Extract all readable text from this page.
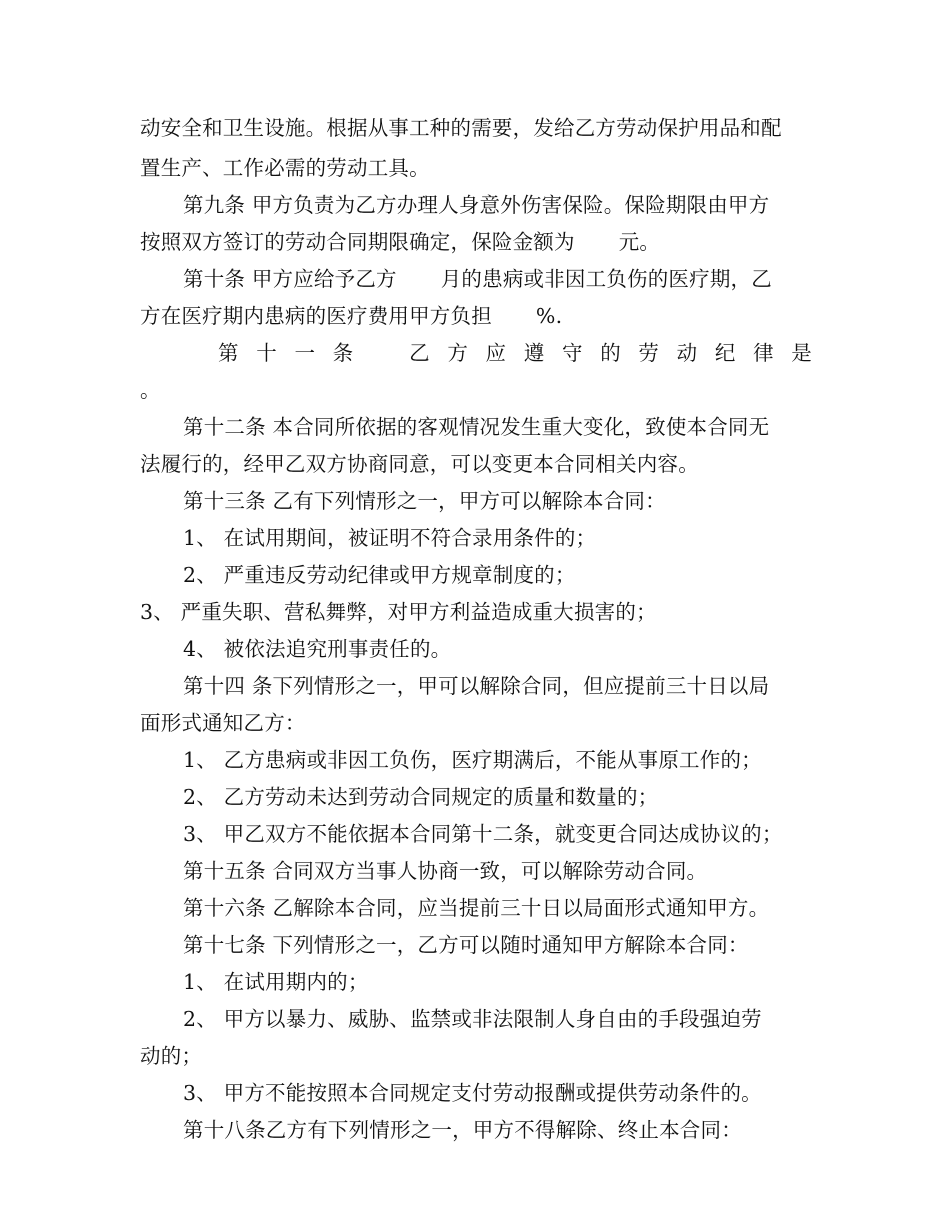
动安全和卫生设施。根据从事工种的需要，发给乙方劳动保护用品和配
置生产、工作必需的劳动工具。
第九条 甲方负责为乙方办理人身意外伤害保险。保险期限由甲方
按照双方签订的劳动合同期限确定，保险金额为 元。
第十条 甲方应给予乙方 月的患病或非因工负伤的医疗期，乙
方在医疗期内患病的医疗费用甲方负担 %.
第 十 一 条
　	乙 方 应 遵 守 的 劳 动 纪 律 是
。
第十二条 本合同所依据的客观情况发生重大变化，致使本合同无
法履行的，经甲乙双方协商同意，可以变更本合同相关内容。
第十三条 乙有下列情形之一，甲方可以解除本合同：
1、 在试用期间，被证明不符合录用条件的；
2、 严重违反劳动纪律或甲方规章制度的；
3、 严重失职、营私舞弊，对甲方利益造成重大损害的；
4、 被依法追究刑事责任的。
第十四 条下列情形之一，甲可以解除合同，但应提前三十日以局
面形式通知乙方：
1、 乙方患病或非因工负伤，医疗期满后，不能从事原工作的；
2、 乙方劳动未达到劳动合同规定的质量和数量的；
3、 甲乙双方不能依据本合同第十二条，就变更合同达成协议的；
第十五条 合同双方当事人协商一致，可以解除劳动合同。
第十六条 乙解除本合同，应当提前三十日以局面形式通知甲方。
第十七条 下列情形之一，乙方可以随时通知甲方解除本合同：
1、 在试用期内的；
2、 甲方以暴力、威胁、监禁或非法限制人身自由的手段强迫劳
动的；
3、 甲方不能按照本合同规定支付劳动报酬或提供劳动条件的。
第十八条乙方有下列情形之一，甲方不得解除、终止本合同：
